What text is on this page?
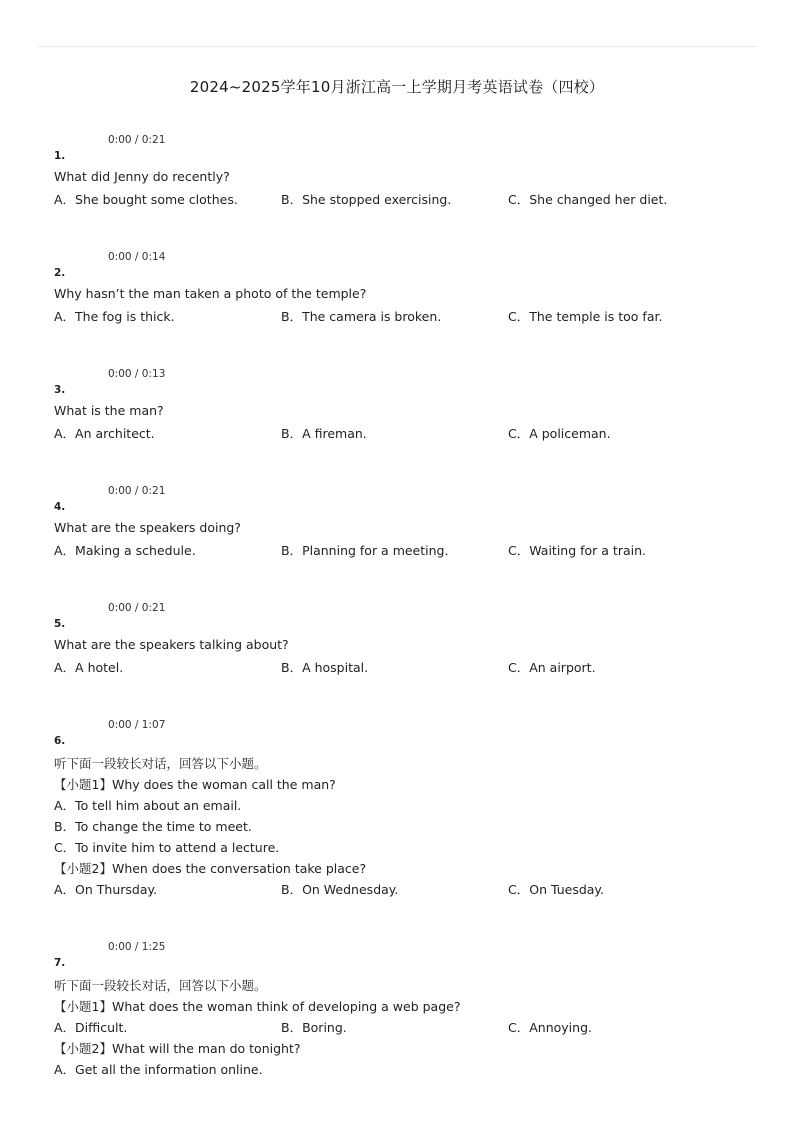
2024~2025学年10月浙江高一上学期月考英语试卷（四校）
0:00 / 0:21
1.
What did Jenny do recently?
A．She bought some clothes.	B．She stopped exercising.	C．She changed her diet.
0:00 / 0:14
2.
Why hasn’t the man taken a photo of the temple?
A．The fog is thick.	B．The camera is broken.	C．The temple is too far.
0:00 / 0:13
3.
What is the man?
A．An architect.	B．A fireman.	C．A policeman.
0:00 / 0:21
4.
What are the speakers doing?
A．Making a schedule.	B．Planning for a meeting.	C．Waiting for a train.
0:00 / 0:21
5.
What are the speakers talking about?
A．A hotel.	B．A hospital.	C．An airport.
0:00 / 1:07
6.
听下面一段较长对话，回答以下小题。
【小题1】Why does the woman call the man?
A．To tell him about an email.
B．To change the time to meet.
C．To invite him to attend a lecture.
【小题2】When does the conversation take place?
A．On Thursday.	B．On Wednesday.	C．On Tuesday.
0:00 / 1:25
7.
听下面一段较长对话，回答以下小题。
【小题1】What does the woman think of developing a web page?
A．Difficult.	B．Boring.	C．Annoying.
【小题2】What will the man do tonight?
A．Get all the information online.
